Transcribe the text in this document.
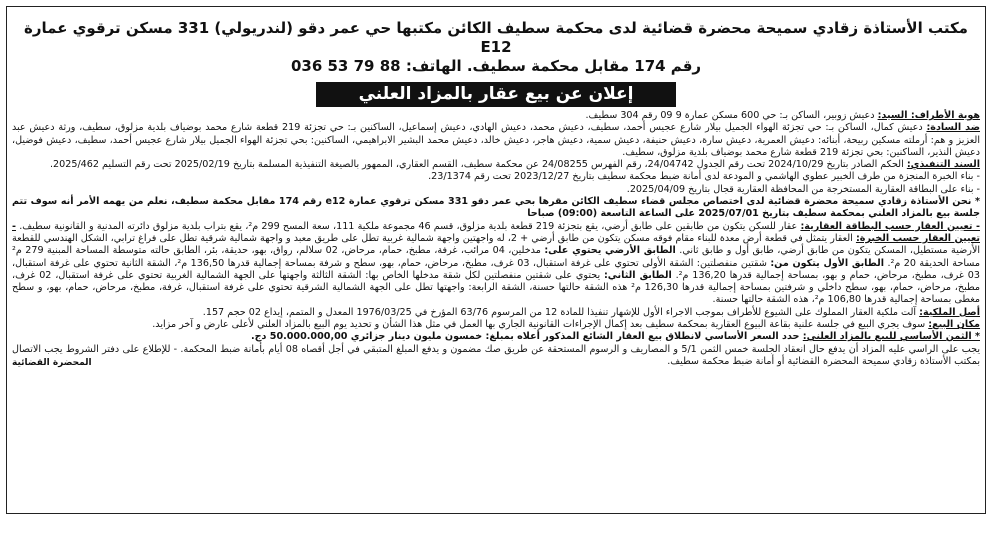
مكتب الأستاذة زقادي سميحة محضرة قضائية لدى محكمة سطيف الكائن مكتبها حي عمر دقو (لندريولي) 331 مسكن ترقوي عمارة E12
رقم 174 مقابل محكمة سطيف. الهاتف: 88 79 53 036
إعلان عن بيع عقار بالمزاد العلني

هوية الأطراف: السيد: دعيش زوبير، الساكن بـ: حي 600 مسكن عمارة 9 09 رقم 304 سطيف.

ضد السادة: دعيش كمال، الساكن بـ: حي تجزئة الهواء الجميل بيلار شارع عجيس أحمد، سطيف، دعيش محمد، دعيش الهادي، دعيش إسماعيل، الساكنين بـ: حي تجزئة 219 قطعة شارع محمد بوضياف بلدية مزلوق، سطيف، ورثة دعيش عبد العزيز و هم: أرملته مسكين ربيحة، أبنائه: دعيش العمرية، دعيش سارة، دعيش حنيفة، دعيش سمية، دعيش هاجر، دعيش خالد، دعيش محمد البشير الابراهيمي، الساكنين: بحي تجزئة الهواء الجميل بيلار شارع عجيس أحمد، سطيف، دعيش فوضيل، دعيش النذير، الساكنين: بحي تجزئة 219 قطعة شارع محمد بوضياف بلدية مزلوق، سطيف.

السند التنفيذي: الحكم الصادر بتاريخ 2024/10/29 تحت رقم الجدول 24/04742، رقم الفهرس 24/08255 عن محكمة سطيف، القسم العقاري، الممهور بالصيغة التنفيذية المسلمة بتاريخ 2025/02/19 تحت رقم التسليم 2025/462.

- بناء الخبرة المنجزة من طرف الخبير عطوي الهاشمي و المودعة لدى أمانة ضبط محكمة سطيف بتاريخ 2023/12/27 تحت رقم 23/1374.

- بناء على البطاقة العقارية المستخرجة من المحافظة العقارية قجال بتاريخ 2025/04/09.

* نحن الأستاذة زقادي سميحة محضرة قضائية لدى اختصاص مجلس قضاء سطيف الكائن مقرها بحي عمر دقو 331 مسكن ترقوي عمارة e12 رقم 174 مقابل محكمة سطيف، نعلم من يهمه الأمر أنه سوف تتم جلسة بيع بالمزاد العلني بمحكمة سطيف بتاريخ 2025/07/01 على الساعة التاسعة (09:00) صباحا

- تعيين العقار حسب البطاقة العقارية: عقار للسكن يتكون من طابقين على طابق أرضي، يقع بتجزئة 219 قطعة بلدية مزلوق، قسم 46 مجموعة ملكية 111، سعة المسح 299 م²، يقع بتراب بلدية مزلوق دائرته المدنية و القانونية سطيف. - تعيين العقار حسب الخبرة: العقار يتمثل في قطعة أرض معدة للبناء مقام فوقه مسكن يتكون من طابق أرضي + 2، له واجهتين واجهة شمالية غربية تطل على طريق معبد و واجهة شمالية شرقية تطل على فراغ ترابي، الشكل الهندسي للقطعة الأرضية مستطيل، المسكن يتكون من طابق أرضي، طابق أول و طابق ثاني. الطابق الأرضي يحتوي على: مدخلين، 04 مرائب، غرفة، مطبخ، حمام، مرحاض، 02 سلالم، رواق، بهو، حديقة، بئر، الطابق حالته متوسطة المساحة المبنية 279 م² مساحة الحديقة 20 م². الطابق الأول يتكون من: شقتين منفصلتين: الشقة الأولى تحتوي على غرفة استقبال، 03 غرف، مطبخ، مرحاض، حمام، بهو، سطح و شرفة بمساحة إجمالية قدرها 136,50 م²، الشقة الثانية تحتوي على غرفة استقبال، 03 غرف، مطبخ، مرحاض، حمام و بهو، بمساحة إجمالية قدرها 136,20 م². الطابق الثاني: يحتوي على شقتين منفصلتين لكل شقة مدخلها الخاص بها: الشقة الثالثة واجهتها على الجهة الشمالية الغربية تحتوي على غرفة استقبال، 02 غرف، مطبخ، مرحاض، حمام، بهو، سطح داخلي و شرفتين بمساحة إجمالية قدرها 126,30 م² هذه الشقة حالتها حسنة، الشقة الرابعة: واجهتها تطل على الجهة الشمالية الشرقية تحتوي على غرفة استقبال، غرفة، مطبخ، مرحاض، حمام، بهو، و سطح مغطى بمساحة إجمالية قدرها 106,80 م²، هذه الشقة حالتها حسنة.

أصل الملكية: آلت ملكية العقار المملوك على الشيوع للأطراف بموجب الاجراء الأول للإشهار تنفيذا للمادة 12 من المرسوم 63/76 المؤرخ في 1976/03/25 المعدل و المتمم، إيداع 02 حجم 157.

مكان البيع: سوف يجري البيع في جلسة علنية بقاعة البيوع العقارية بمحكمة سطيف بعد إكمال الإجراءات القانونية الجاري بها العمل في مثل هذا الشأن و تحديد يوم البيع بالمزاد العلني لأعلى عارض و آخر مزايد.

* الثمن الأساسي للبيع بالمزاد العلني: حدد السعر الأساسي لانطلاق بيع العقار الشائع المذكور أعلاه بمبلغ: خمسون مليون دينار جزائري 50.000.000,00 دج.

يجب على الراسي عليه المزاد أن يدفع حال انعقاد الجلسة خمس الثمن 5/1 و المصاريف و الرسوم المستحقة عن طريق صك مضمون و يدفع المبلغ المتبقي في أجل أقصاه 08 أيام بأمانة ضبط المحكمة. - للإطلاع على دفتر الشروط يجب الاتصال بمكتب الأستاذة زقادي سميحة المحضرة القضائية أو أمانة ضبط محكمة سطيف.

المحضرة القضائية
